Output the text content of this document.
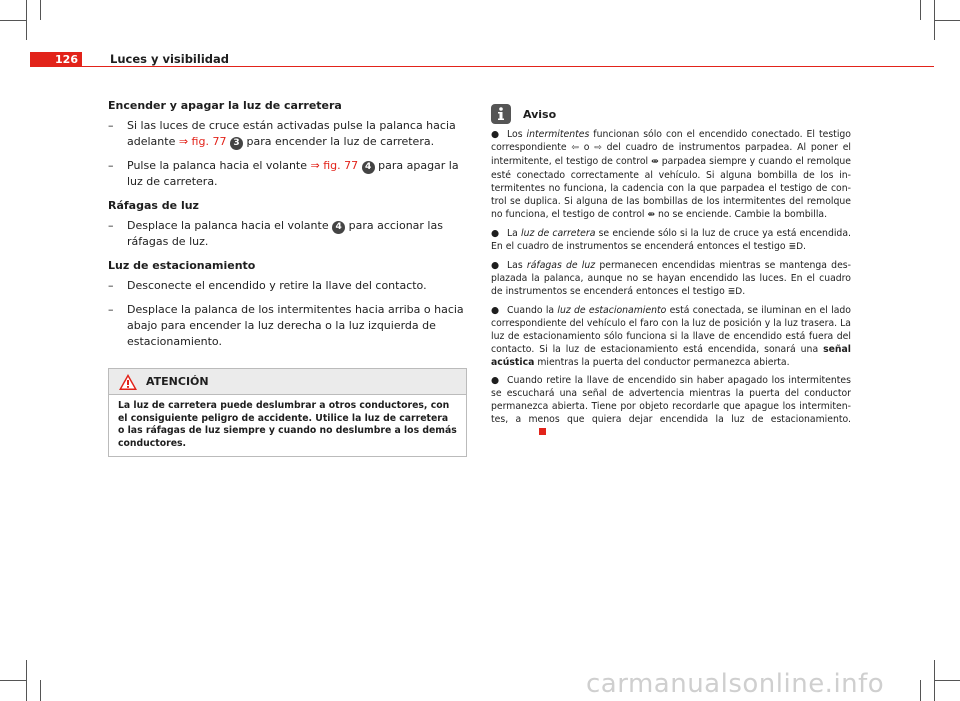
126	Luces y visibilidad
Encender y apagar la luz de carretera
– Si las luces de cruce están activadas pulse la palanca hacia adelante ⇒ fig. 77 3 para encender la luz de carretera.
– Pulse la palanca hacia el volante ⇒ fig. 77 4 para apagar la luz de carretera.
Ráfagas de luz
– Desplace la palanca hacia el volante 4 para accionar las ráfagas de luz.
Luz de estacionamiento
– Desconecte el encendido y retire la llave del contacto.
– Desplace la palanca de los intermitentes hacia arriba o hacia abajo para encender la luz derecha o la luz izquierda de estacionamiento.
ATENCIÓN
La luz de carretera puede deslumbrar a otros conductores, con el consiguiente peligro de accidente. Utilice la luz de carretera o las ráfagas de luz siempre y cuando no deslumbre a los demás conductores.
Aviso
● Los intermitentes funcionan sólo con el encendido conectado. El testigo correspondiente ⇦ o ⇨ del cuadro de instrumentos parpadea. Al poner el intermitente, el testigo de control ⇼ parpadea siempre y cuando el remolque esté conectado correctamente al vehículo. Si alguna bombilla de los intermitentes no funciona, la cadencia con la que parpadea el testigo de control se duplica. Si alguna de las bombillas de los intermitentes del remolque no funciona, el testigo de control ⇼ no se enciende. Cambie la bombilla.
● La luz de carretera se enciende sólo si la luz de cruce ya está encendida. En el cuadro de instrumentos se encenderá entonces el testigo ≣D.
● Las ráfagas de luz permanecen encendidas mientras se mantenga desplazada la palanca, aunque no se hayan encendido las luces. En el cuadro de instrumentos se encenderá entonces el testigo ≣D.
● Cuando la luz de estacionamiento está conectada, se iluminan en el lado correspondiente del vehículo el faro con la luz de posición y la luz trasera. La luz de estacionamiento sólo funciona si la llave de encendido está fuera del contacto. Si la luz de estacionamiento está encendida, sonará una señal acústica mientras la puerta del conductor permanezca abierta.
● Cuando retire la llave de encendido sin haber apagado los intermitentes se escuchará una señal de advertencia mientras la puerta del conductor permanezca abierta. Tiene por objeto recordarle que apague los intermitentes, a menos que quiera dejar encendida la luz de estacionamiento.
carmanualsonline.info
